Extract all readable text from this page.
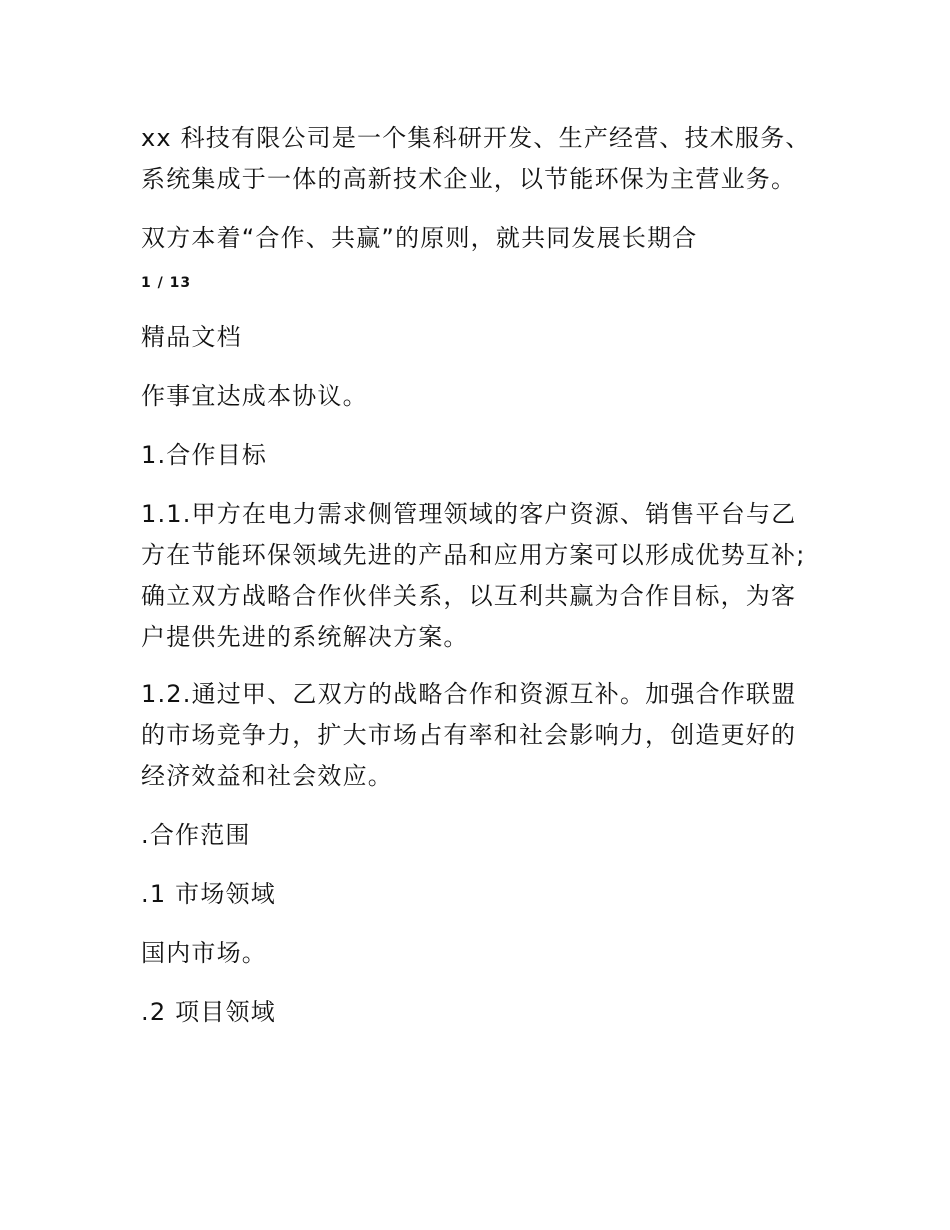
xx 科技有限公司是一个集科研开发、生产经营、技术服务、系统集成于一体的高新技术企业，以节能环保为主营业务。

双方本着“合作、共赢”的原则，就共同发展长期合

1 / 13

精品文档

作事宜达成本协议。

1.合作目标

1.1.甲方在电力需求侧管理领域的客户资源、销售平台与乙方在节能环保领域先进的产品和应用方案可以形成优势互补;确立双方战略合作伙伴关系，以互利共赢为合作目标，为客户提供先进的系统解决方案。

1.2.通过甲、乙双方的战略合作和资源互补。加强合作联盟的市场竞争力，扩大市场占有率和社会影响力，创造更好的经济效益和社会效应。

.合作范围

.1 市场领域

国内市场。

.2 项目领域
